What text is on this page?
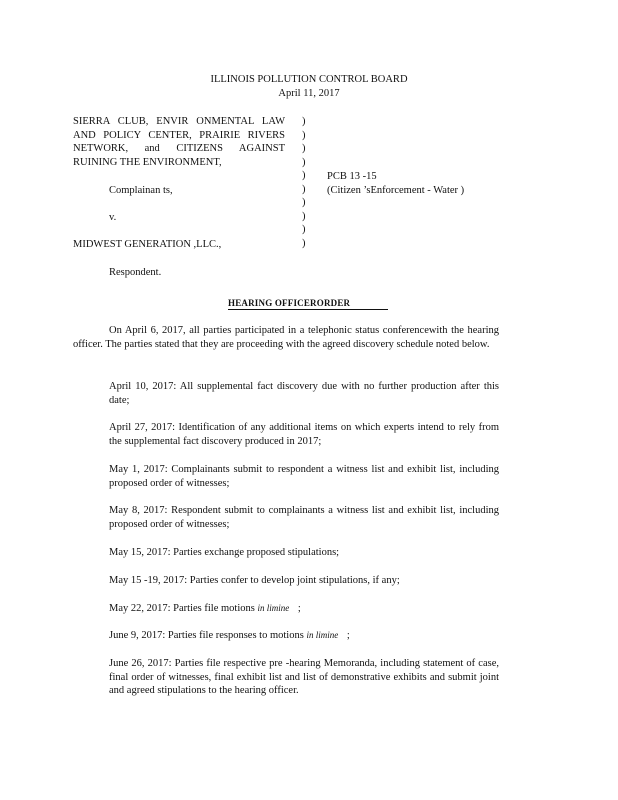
ILLINOIS POLLUTION CONTROL BOARD
April 11, 2017
SIERRA CLUB, ENVIR ONMENTAL LAW
AND POLICY CENTER, PRAIRIE RIVERS
NETWORK, and CITIZENS AGAINST
RUINING THE ENVIRONMENT,
Complainan ts,
v.
MIDWEST GENERATION ,LLC.,
Respondent.
)
)
)
)
)
)
)
)
)
)
PCB 13 -15
(Citizen ’sEnforcement - Water )
HEARING OFFICERORDER
On April 6, 2017, all parties participated in a telephonic status conferencewith the hearing officer. The parties stated that they are proceeding with the agreed discovery schedule noted below.
April 10, 2017: All supplemental fact discovery due with no further production after this date;
April 27, 2017: Identification of any additional items on which experts intend to rely from the supplemental fact discovery produced in 2017;
May 1, 2017: Complainants submit to respondent a witness list and exhibit list, including proposed order of witnesses;
May 8, 2017: Respondent submit to complainants a witness list and exhibit list, including proposed order of witnesses;
May 15, 2017: Parties exchange proposed stipulations;
May 15 -19, 2017: Parties confer to develop joint stipulations, if any;
May 22, 2017: Parties file motions in limine ;
June 9, 2017: Parties file responses to motions in limine ;
June 26, 2017: Parties file respective pre -hearing Memoranda, including statement of case, final order of witnesses, final exhibit list and list of demonstrative exhibits and submit joint and agreed stipulations to the hearing officer.
